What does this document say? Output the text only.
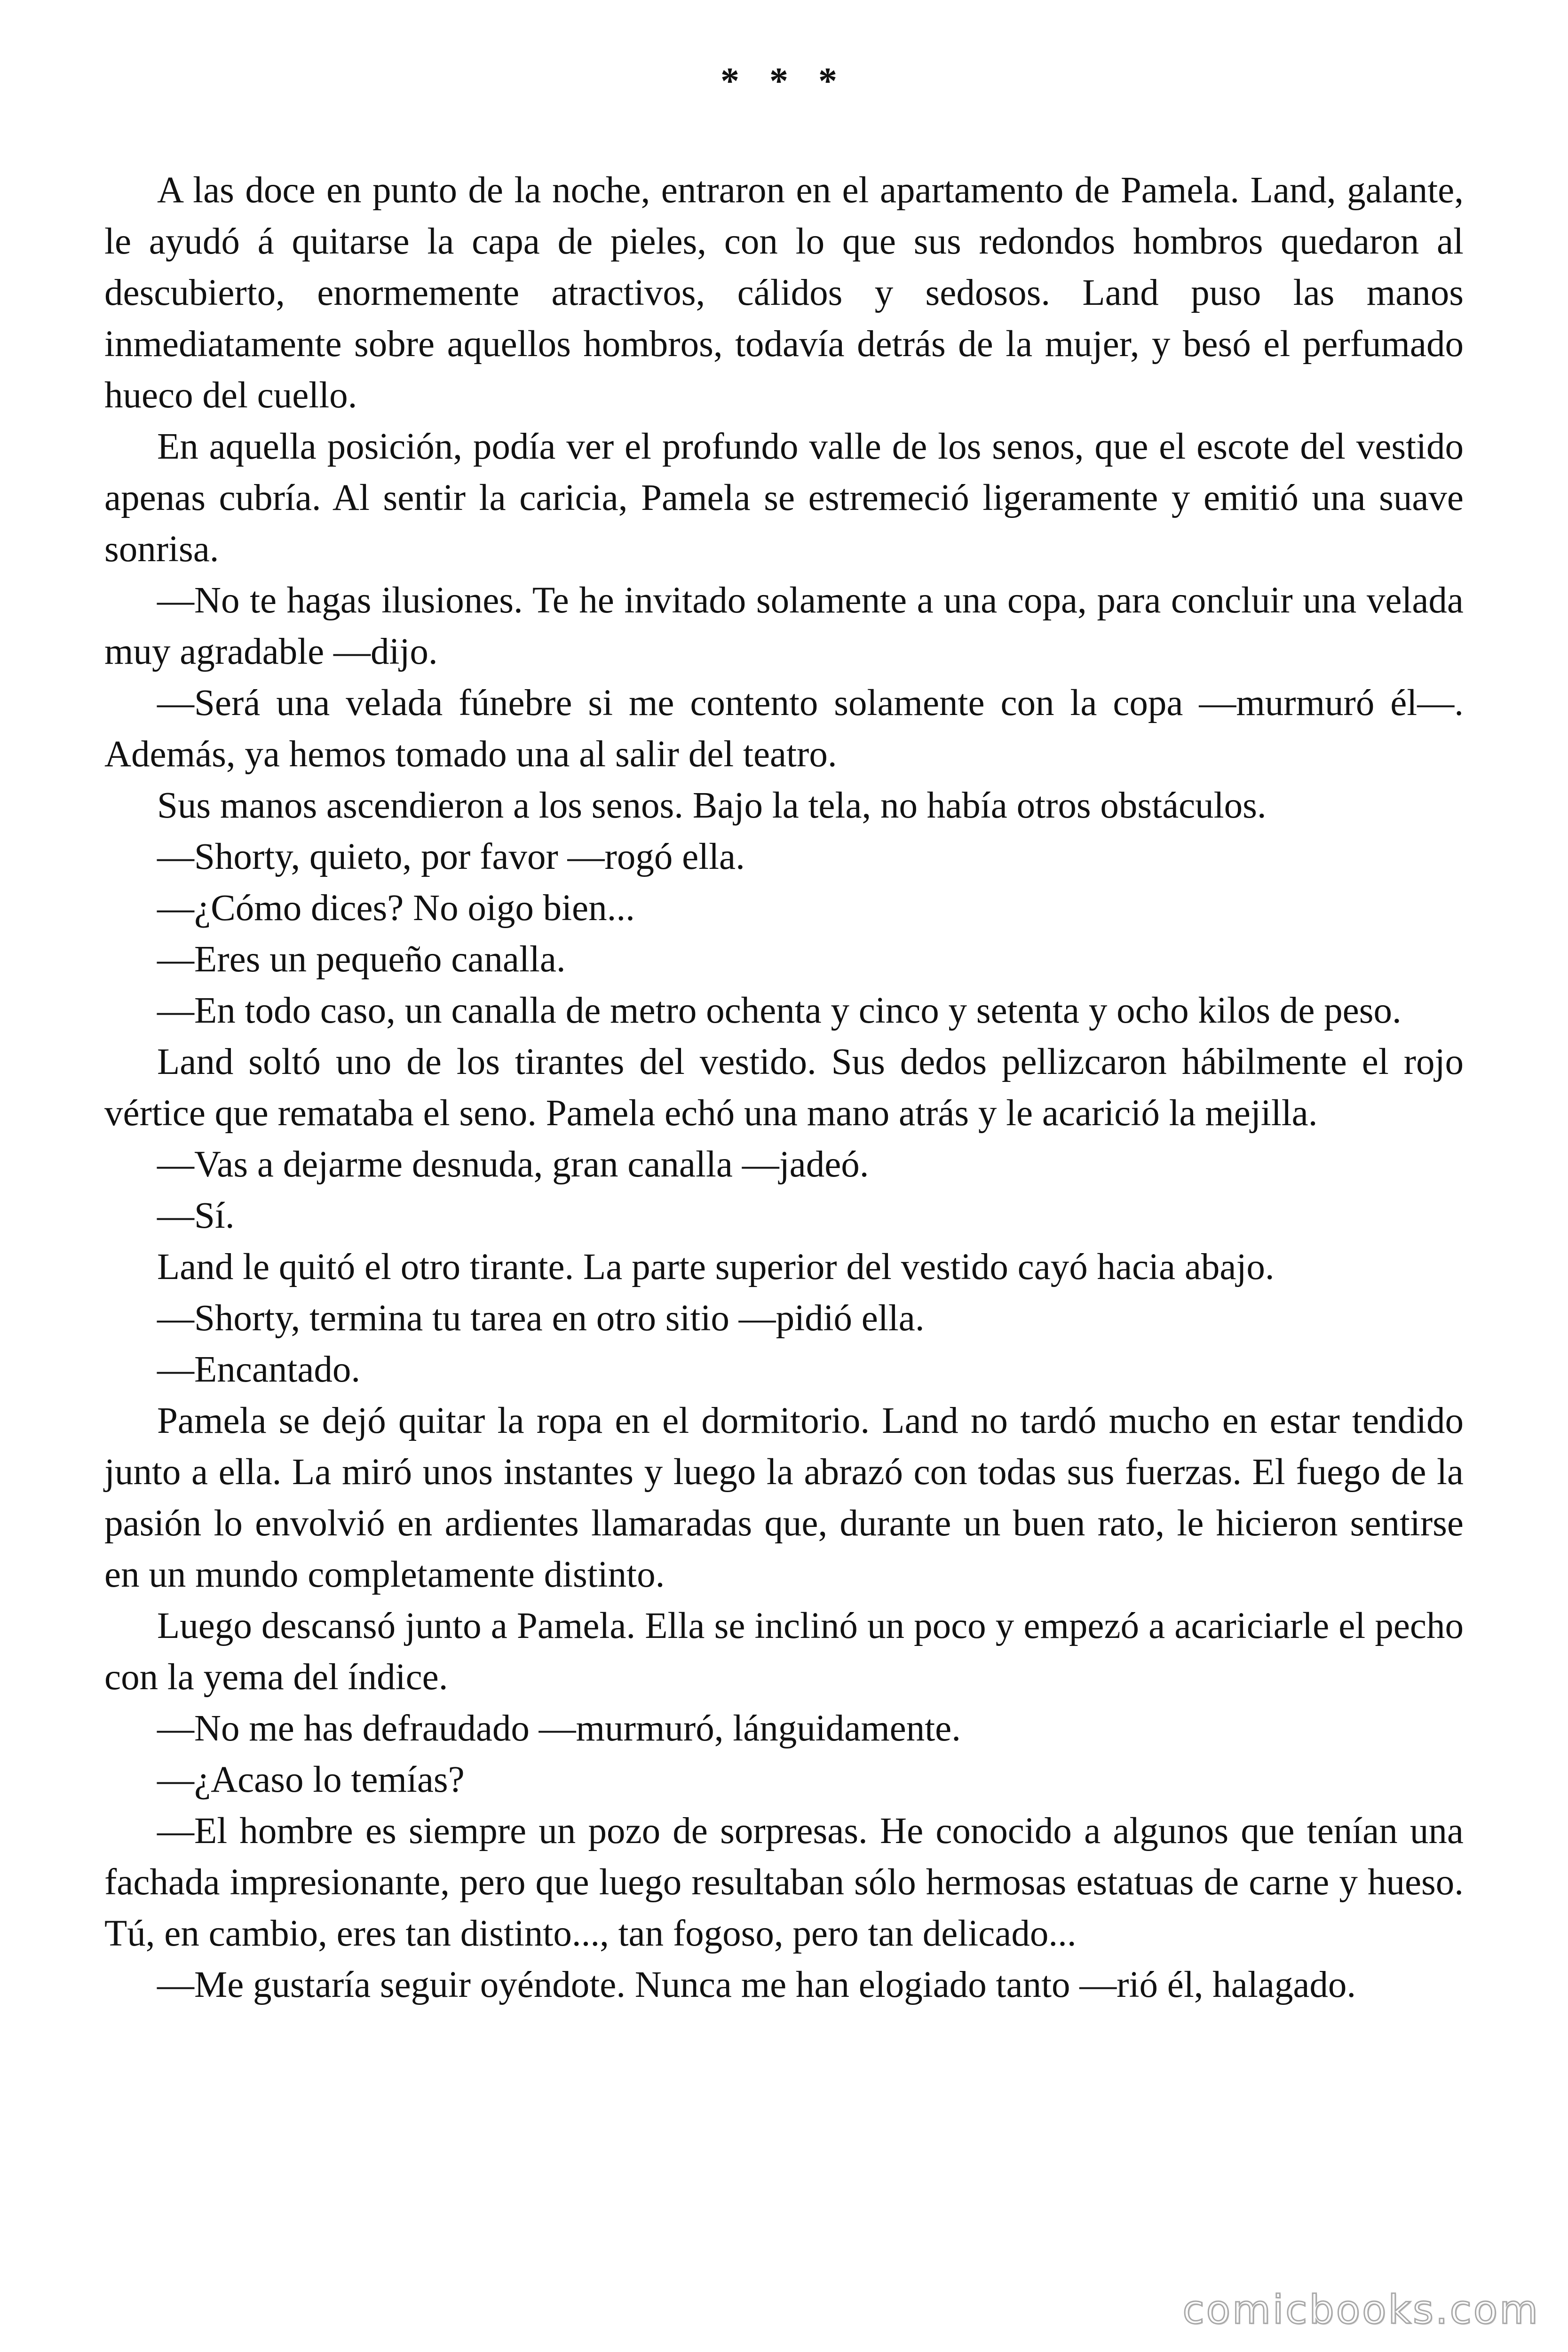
* * *

A las doce en punto de la noche, entraron en el apartamento de Pamela. Land, galante, le ayudó á quitarse la capa de pieles, con lo que sus redondos hombros quedaron al descubierto, enormemente atractivos, cálidos y sedosos. Land puso las manos inmediatamente sobre aquellos hombros, todavía detrás de la mujer, y besó el perfumado hueco del cuello.

En aquella posición, podía ver el profundo valle de los senos, que el escote del vestido apenas cubría. Al sentir la caricia, Pamela se estremeció ligeramente y emitió una suave sonrisa.

—No te hagas ilusiones. Te he invitado solamente a una copa, para concluir una velada muy agradable —dijo.

—Será una velada fúnebre si me contento solamente con la copa —murmuró él—. Además, ya hemos tomado una al salir del teatro.

Sus manos ascendieron a los senos. Bajo la tela, no había otros obstáculos.

—Shorty, quieto, por favor —rogó ella.

—¿Cómo dices? No oigo bien...

—Eres un pequeño canalla.

—En todo caso, un canalla de metro ochenta y cinco y setenta y ocho kilos de peso.

Land soltó uno de los tirantes del vestido. Sus dedos pellizcaron hábilmente el rojo vértice que remataba el seno. Pamela echó una mano atrás y le acarició la mejilla.

—Vas a dejarme desnuda, gran canalla —jadeó.

—Sí.

Land le quitó el otro tirante. La parte superior del vestido cayó hacia abajo.

—Shorty, termina tu tarea en otro sitio —pidió ella.

—Encantado.

Pamela se dejó quitar la ropa en el dormitorio. Land no tardó mucho en estar tendido junto a ella. La miró unos instantes y luego la abrazó con todas sus fuerzas. El fuego de la pasión lo envolvió en ardientes llamaradas que, durante un buen rato, le hicieron sentirse en un mundo completamente distinto.

Luego descansó junto a Pamela. Ella se inclinó un poco y empezó a acariciarle el pecho con la yema del índice.

—No me has defraudado —murmuró, lánguidamente.

—¿Acaso lo temías?

—El hombre es siempre un pozo de sorpresas. He conocido a algunos que tenían una fachada impresionante, pero que luego resultaban sólo hermosas estatuas de carne y hueso. Tú, en cambio, eres tan distinto..., tan fogoso, pero tan delicado...

—Me gustaría seguir oyéndote. Nunca me han elogiado tanto —rió él, halagado.

comicbooks.com
